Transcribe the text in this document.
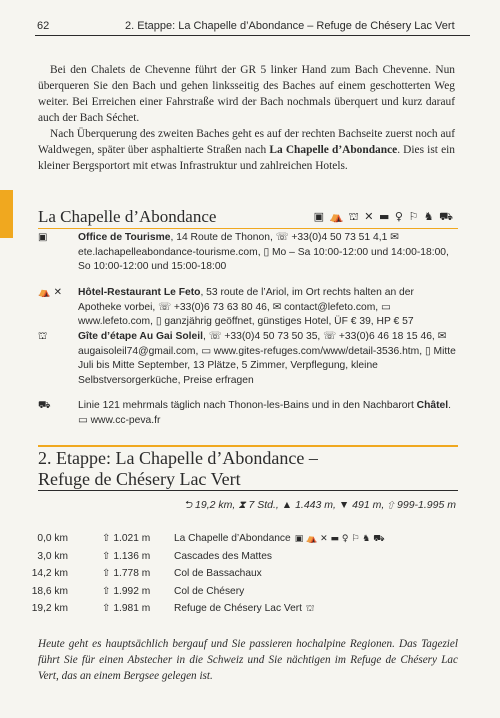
62	2. Etappe: La Chapelle d’Abondance – Refuge de Chésery Lac Vert

Bei den Chalets de Chevenne führt der GR 5 linker Hand zum Bach Chevenne. Nun überqueren Sie den Bach und gehen linksseitig des Baches auf einem geschotterten Weg weiter. Bei Erreichen einer Fahrstraße wird der Bach nochmals überquert und kurz darauf auch der Bach Séchet.

Nach Überquerung des zweiten Baches geht es auf der rechten Bachseite zuerst noch auf Waldwegen, später über asphaltierte Straßen nach La Chapelle d’Abondance. Dies ist ein kleiner Bergsportort mit etwas Infrastruktur und zahlreichen Hotels.

La Chapelle d’Abondance	▣ ⛺ ⛫ ✕ ▬ ♀ ⚐ ♞ ⛟
▣	Office de Tourisme, 14 Route de Thonon, ☏ +33(0)4 50 73 51 4,1 ✉ ete.lachapelleabondance-tourisme.com, ▯ Mo – Sa 10:00-12:00 und 14:00-18:00, So 10:00-12:00 und 15:00-18:00
⛺ ✕	Hôtel-Restaurant Le Feto, 53 route de l’Ariol, im Ort rechts halten an der Apotheke vorbei, ☏ +33(0)6 73 63 80 46, ✉ contact@lefeto.com, ▭ www.lefeto.com, ▯ ganzjährig geöffnet, günstiges Hotel, ÜF € 39, HP € 57
⛫	Gîte d’étape Au Gai Soleil, ☏ +33(0)4 50 73 50 35, ☏ +33(0)6 46 18 15 46, ✉ augaisoleil74@gmail.com, ▭ www.gites-refuges.com/www/detail-3536.htm, ▯ Mitte Juli bis Mitte September, 13 Plätze, 5 Zimmer, Verpflegung, kleine Selbstversorgerküche, Preise erfragen
⛟	Linie 121 mehrmals täglich nach Thonon-les-Bains und in den Nachbarort Châtel. ▭ www.cc-peva.fr
2. Etappe: La Chapelle d’Abondance –
Refuge de Chésery Lac Vert
⮌ 19,2 km, ⧗ 7 Std., ▲ 1.443 m, ▼ 491 m, ⇧ 999-1.995 m
0,0 km	⇧ 1.021 m La Chapelle d’Abondance ▣ ⛺ ✕ ▬ ♀ ⚐ ♞ ⛟
3,0 km	⇧ 1.136 m Cascades des Mattes
14,2 km	⇧ 1.778 m Col de Bassachaux
18,6 km	⇧ 1.992 m Col de Chésery
19,2 km	⇧ 1.981 m Refuge de Chésery Lac Vert ⛫

Heute geht es hauptsächlich bergauf und Sie passieren hochalpine Regionen. Das Tageziel führt Sie für einen Abstecher in die Schweiz und Sie nächtigen im Refuge de Chésery Lac Vert, das an einem Bergsee gelegen ist.
